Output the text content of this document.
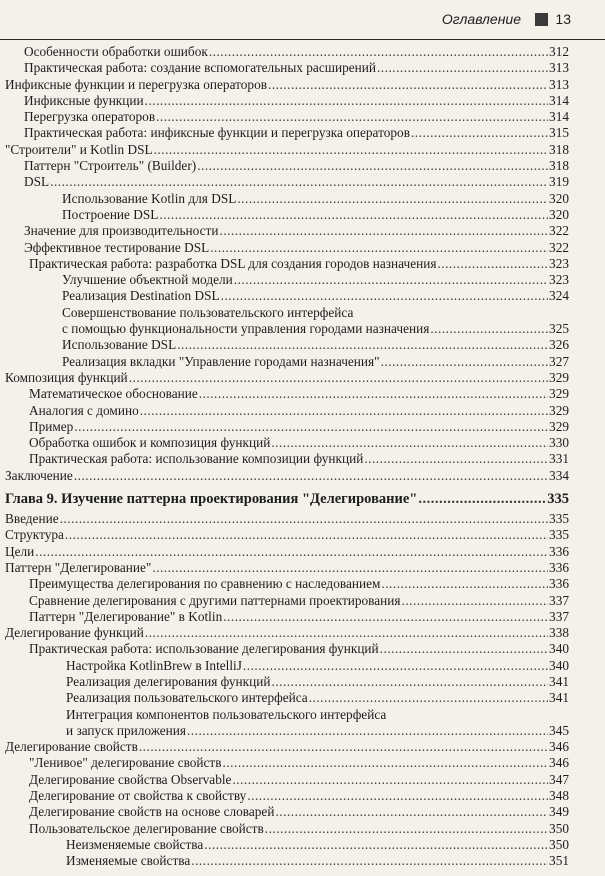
Оглавление 13
Особенности обработки ошибок .....	312
Практическая работа: создание вспомогательных расширений .....	313
Инфиксные функции и перегрузка операторов .....	313
Инфиксные функции .....	314
Перегрузка операторов .....	314
Практическая работа: инфиксные функции и перегрузка операторов .....	315
"Строители" и Kotlin DSL .....	318
Паттерн "Строитель" (Builder) .....	318
DSL .....	319
Использование Kotlin для DSL .....	320
Построение DSL .....	320
Значение для производительности .....	322
Эффективное тестирование DSL .....	322
Практическая работа: разработка DSL для создания городов назначения .....	323
Улучшение объектной модели .....	323
Реализация Destination DSL .....	324
Совершенствование пользовательского интерфейса
с помощью функциональности управления городами назначения .....	325
Использование DSL .....	326
Реализация вкладки "Управление городами назначения" .....	327
Композиция функций .....	329
Математическое обоснование .....	329
Аналогия с домино .....	329
Пример .....	329
Обработка ошибок и композиция функций .....	330
Практическая работа: использование композиции функций .....	331
Заключение .....	334
Глава 9. Изучение паттерна проектирования "Делегирование" .....	335
Введение .....	335
Структура .....	335
Цели .....	336
Паттерн "Делегирование" .....	336
Преимущества делегирования по сравнению с наследованием .....	336
Сравнение делегирования с другими паттернами проектирования .....	337
Паттерн "Делегирование" в Kotlin .....	337
Делегирование функций .....	338
Практическая работа: использование делегирования функций .....	340
Настройка KotlinBrew в IntelliJ .....	340
Реализация делегирования функций .....	341
Реализация пользовательского интерфейса .....	341
Интеграция компонентов пользовательского интерфейса
и запуск приложения .....	345
Делегирование свойств .....	346
"Ленивое" делегирование свойств .....	346
Делегирование свойства Observable .....	347
Делегирование от свойства к свойству .....	348
Делегирование свойств на основе словарей .....	349
Пользовательское делегирование свойств .....	350
Неизменяемые свойства .....	350
Изменяемые свойства .....	351
